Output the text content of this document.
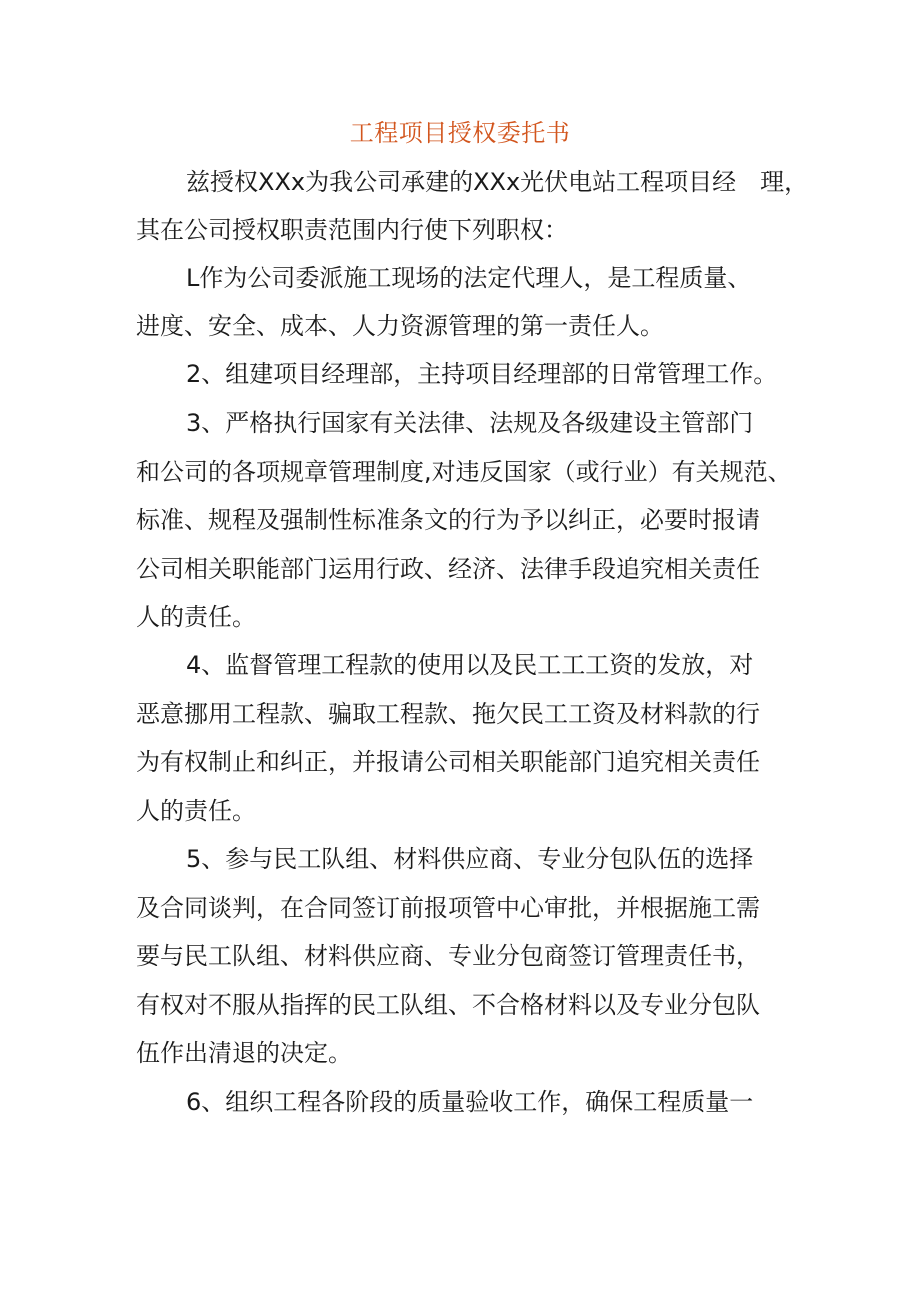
工程项目授权委托书
兹授权XXx为我公司承建的XXx光伏电站工程项目经　理，
其在公司授权职责范围内行使下列职权：
L作为公司委派施工现场的法定代理人，是工程质量、
进度、安全、成本、人力资源管理的第一责任人。
2、组建项目经理部，主持项目经理部的日常管理工作。
3、严格执行国家有关法律、法规及各级建设主管部门
和公司的各项规章管理制度,对违反国家（或行业）有关规范、
标准、规程及强制性标准条文的行为予以纠正，必要时报请
公司相关职能部门运用行政、经济、法律手段追究相关责任
人的责任。
4、监督管理工程款的使用以及民工工工资的发放，对
恶意挪用工程款、骗取工程款、拖欠民工工资及材料款的行
为有权制止和纠正，并报请公司相关职能部门追究相关责任
人的责任。
5、参与民工队组、材料供应商、专业分包队伍的选择
及合同谈判，在合同签订前报项管中心审批，并根据施工需
要与民工队组、材料供应商、专业分包商签订管理责任书，
有权对不服从指挥的民工队组、不合格材料以及专业分包队
伍作出清退的决定。
6、组织工程各阶段的质量验收工作，确保工程质量一
